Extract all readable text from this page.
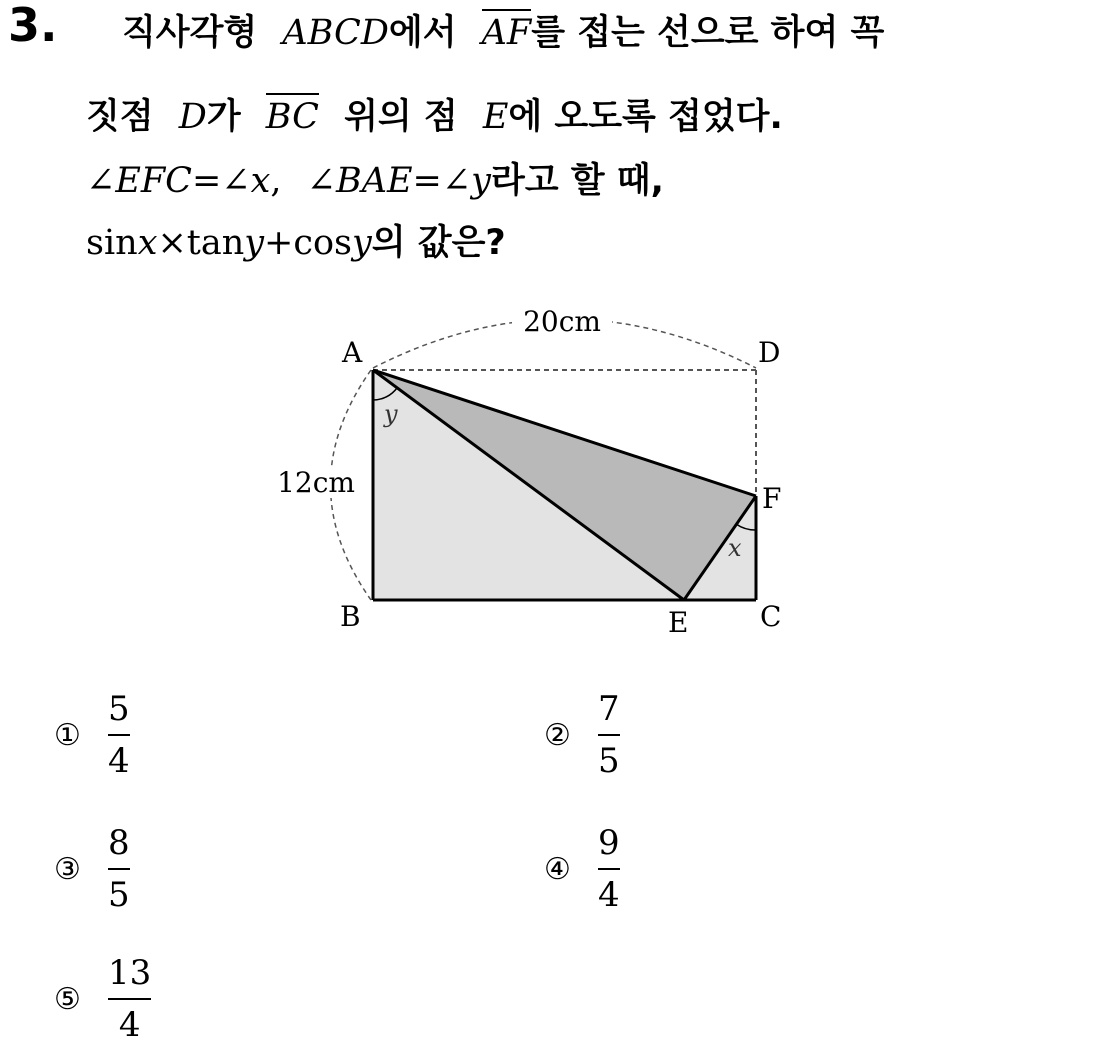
3. 직사각형 ABCD에서 AF를 접는 선으로 하여 꼭
짓점 D가 BC 위의 점 E에 오도록 접었다.
∠EFC=∠x, ∠BAE=∠y라고 할 때,
sinx×tany+cosy의 값은?
20cm
12cm
A	D
B	C
E
F
y
x
① $\frac{5}{4}$	② $\frac{7}{5}$
③ $\frac{8}{5}$	④ $\frac{9}{4}$
⑤ $\frac{13}{4}$
